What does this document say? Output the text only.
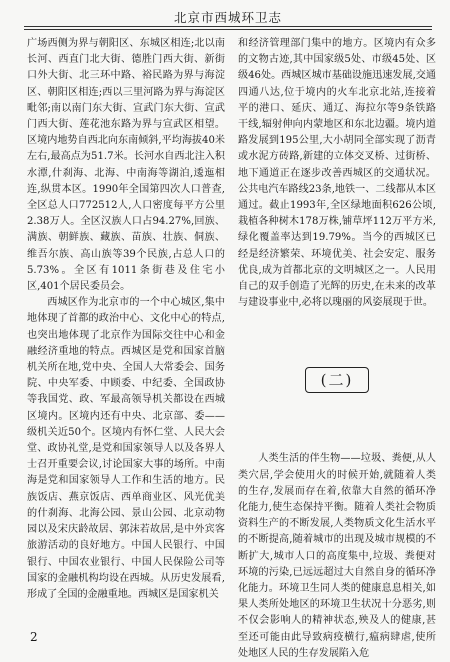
北京市西城环卫志

广场西侧为界与朝阳区、东城区相连;北以南长河、西直门北大街、德胜门西大街、新街口外大街、北三环中路、裕民路为界与海淀区、朝阳区相连;西以三里河路为界与海淀区毗邻;南以南门东大街、宣武门东大街、宣武门西大街、莲花池东路为界与宣武区相望。区境内地势自西北向东南倾斜,平均海拔40米左右,最高点为51.7米。长河水自西北注入积水潭,什刹海、北海、中南海等湖泊,逶迤相连,纵贯本区。1990年全国第四次人口普查,全区总人口772512人,人口密度每平方公里2.38万人。全区汉族人口占94.27%,回族、满族、朝鲜族、藏族、苗族、壮族、侗族、维吾尔族、高山族等39个民族,占总人口的5.73%。全区有1011条街巷及住宅小区,401个居民委员会。

西城区作为北京市的一个中心城区,集中地体现了首都的政治中心、文化中心的特点,也突出地体现了北京作为国际交往中心和金融经济重地的特点。西城区是党和国家首脑机关所在地,党中央、全国人大常委会、国务院、中央军委、中顾委、中纪委、全国政协等我国党、政、军最高领导机关都设在西城区境内。区境内还有中央、北京部、委——级机关近50个。区境内有怀仁堂、人民大会堂、政协礼堂,是党和国家领导人以及各界人士召开重要会议,讨论国家大事的场所。中南海是党和国家领导人工作和生活的地方。民族饭店、燕京饭店、西单商业区、风光优美的什刹海、北海公园、景山公园、北京动物园以及宋庆龄故居、郭沫若故居,是中外宾客旅游活动的良好地方。中国人民银行、中国银行、中国农业银行、中国人民保险公司等国家的金融机构均设在西城。从历史发展看,形成了全国的金融重地。西城区是国家机关

和经济管理部门集中的地方。区境内有众多的文物古迹,其中国家级5处、市级45处、区级46处。西城区城市基础设施迅速发展,交通四通八达,位于境内的火车北京北站,连接着平的港口、延庆、通辽、海拉尔等9条铁路干线,辐射伸向内蒙地区和东北边疆。境内道路发展到195公里,大小胡同全部实现了沥青或水泥方砖路,新建的立体交叉桥、过街桥、地下通道正在逐步改善西城区的交通状况。公共电汽车路线23条,地铁一、二线都从本区通过。截止1993年,全区绿地面积626公顷,栽植各种树木178万株,铺草坪112万平方米,绿化覆盖率达到19.79%。当今的西城区已经是经济繁荣、环境优美、社会安定、服务优良,成为首都北京的文明城区之一。人民用自己的双手创造了光辉的历史,在未来的改革与建设事业中,必将以瑰丽的风姿展现于世。

(二)

人类生活的伴生物——垃圾、粪便,从人类穴居,学会使用火的时候开始,就随着人类的生存,发展而存在着,依靠大自然的循环净化能力,使生态保持平衡。随着人类社会物质资料生产的不断发展,人类物质文化生活水平的不断提高,随着城市的出现及城市规模的不断扩大,城市人口的高度集中,垃圾、粪便对环境的污染,已远远超过大自然自身的循环净化能力。环境卫生同人类的健康息息相关,如果人类所处地区的环境卫生状况十分恶劣,则不仅会影响人的精神状态,殃及人的健康,甚至还可能由此导致病疫横行,瘟病肆虐,使所处地区人民的生存发展陷入危

2
